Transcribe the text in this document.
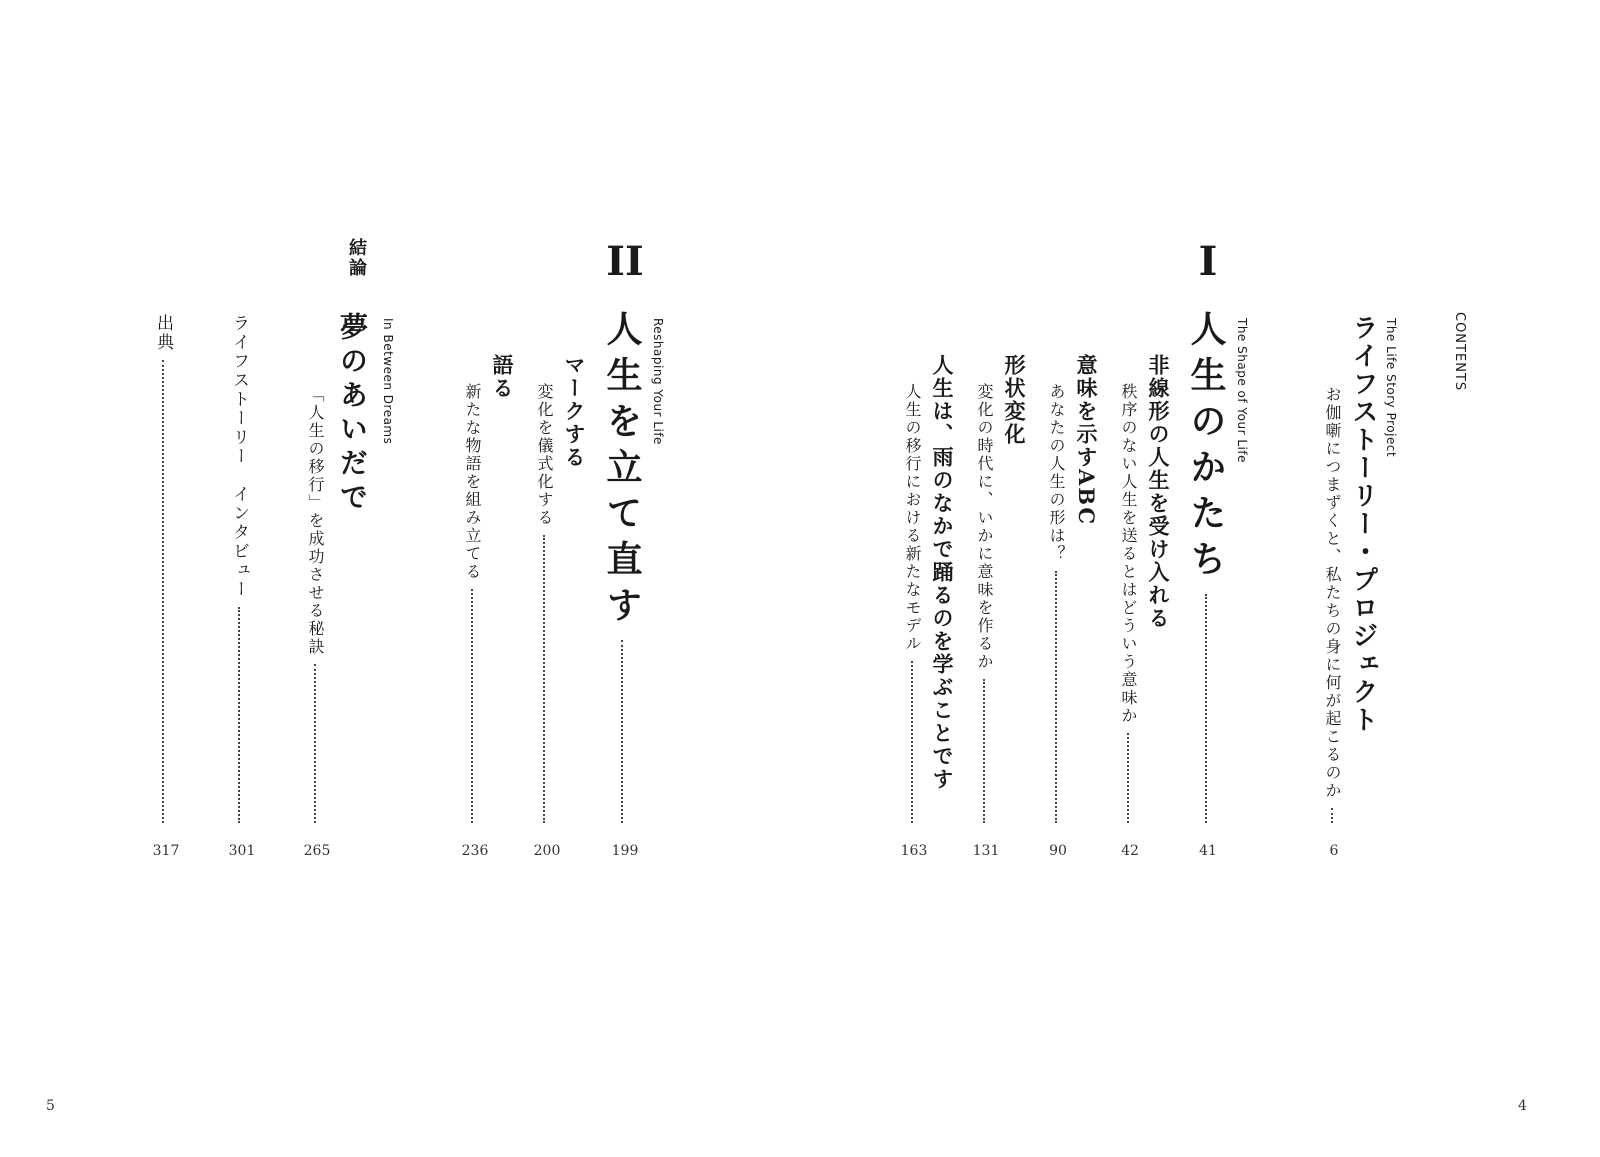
CONTENTS
The Life Story Project
ライフストーリー・プロジェクト
お伽噺につまずくと、私たちの身に何が起こるのか
6
I
The Shape of Your Life
人生のかたち
41
非線形の人生を受け入れる
秩序のない人生を送るとはどういう意味か
42
意味を示すABC
あなたの人生の形は？
90
形状変化
変化の時代に、いかに意味を作るか
131
人生は、雨のなかで踊るのを学ぶことです
人生の移行における新たなモデル
163
II
Reshaping Your Life
人生を立て直す
199
マークする
変化を儀式化する
200
語る
新たな物語を組み立てる
236
結論
In Between Dreams
夢のあいだで
「人生の移行」を成功させる秘訣
265
ライフストーリー　インタビュー
301
出典
317
5	4
